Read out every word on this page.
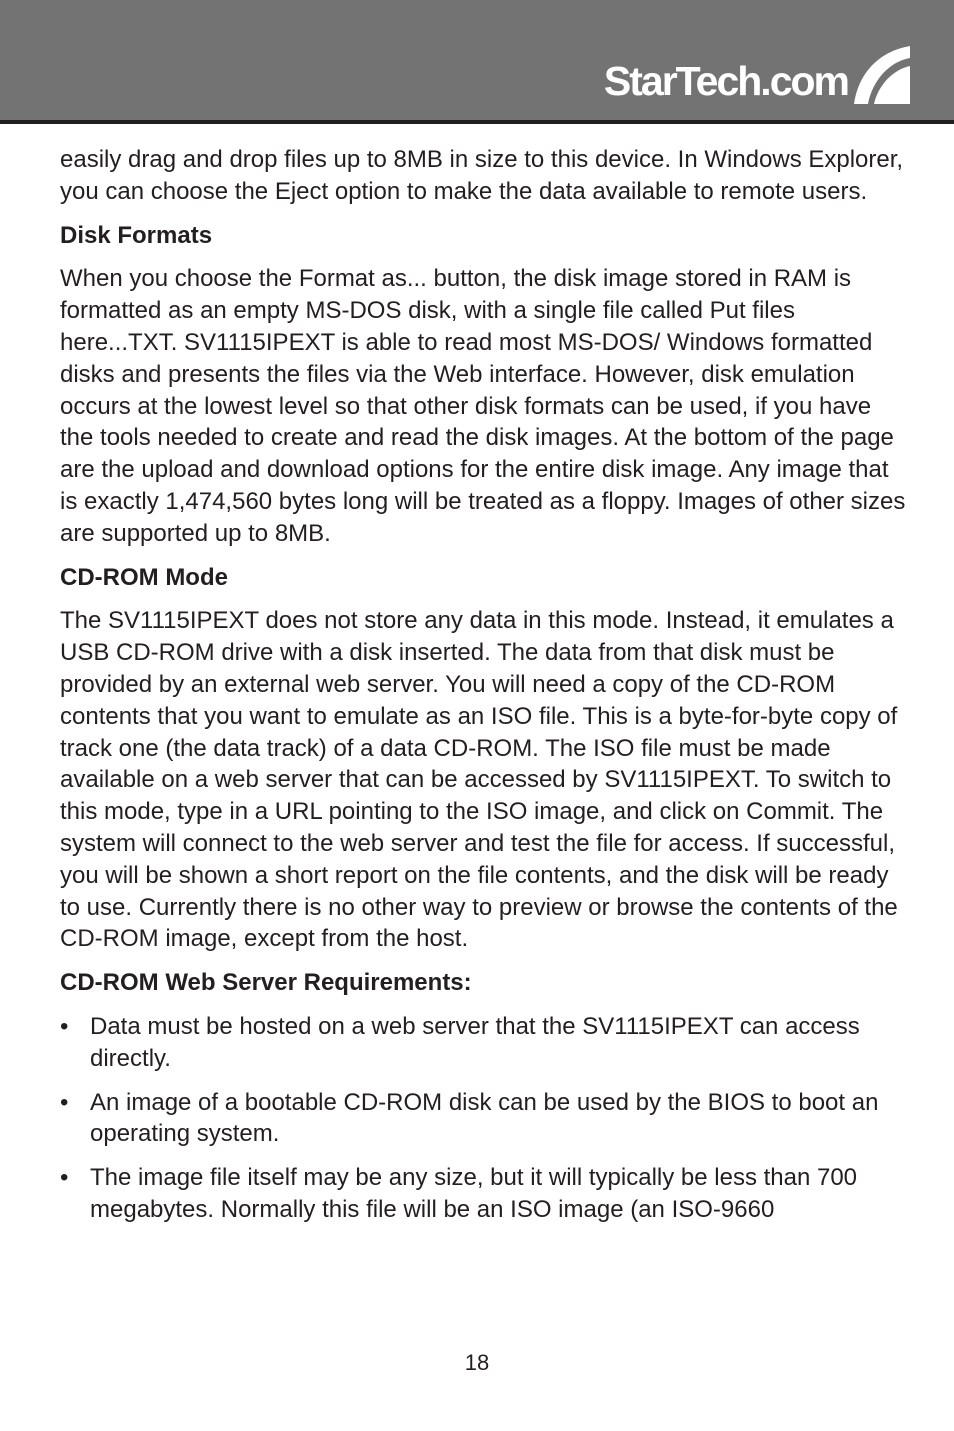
StarTech.com

easily drag and drop files up to 8MB in size to this device. In Windows Explorer, you can choose the Eject option to make the data available to remote users.

Disk Formats

When you choose the Format as... button, the disk image stored in RAM is formatted as an empty MS-DOS disk, with a single file called Put files here...TXT. SV1115IPEXT is able to read most MS-DOS/ Windows formatted disks and presents the files via the Web interface. However, disk emulation occurs at the lowest level so that other disk formats can be used, if you have the tools needed to create and read the disk images. At the bottom of the page are the upload and download options for the entire disk image. Any image that is exactly 1,474,560 bytes long will be treated as a floppy. Images of other sizes are supported up to 8MB.

CD-ROM Mode

The SV1115IPEXT does not store any data in this mode. Instead, it emulates a USB CD-ROM drive with a disk inserted. The data from that disk must be provided by an external web server. You will need a copy of the CD-ROM contents that you want to emulate as an ISO file. This is a byte-for-byte copy of track one (the data track) of a data CD-ROM. The ISO file must be made available on a web server that can be accessed by SV1115IPEXT. To switch to this mode, type in a URL pointing to the ISO image, and click on Commit. The system will connect to the web server and test the file for access. If successful, you will be shown a short report on the file contents, and the disk will be ready to use. Currently there is no other way to preview or browse the contents of the CD-ROM image, except from the host.

CD-ROM Web Server Requirements:
• Data must be hosted on a web server that the SV1115IPEXT can access directly.
• An image of a bootable CD-ROM disk can be used by the BIOS to boot an operating system.
• The image file itself may be any size, but it will typically be less than 700 megabytes. Normally this file will be an ISO image (an ISO-9660
18
